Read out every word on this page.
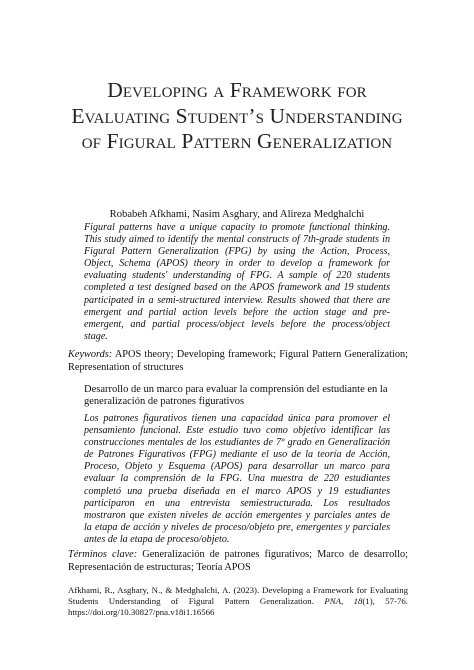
Developing a Framework for
Evaluating Student’s Understanding
of Figural Pattern Generalization
Robabeh Afkhami, Nasim Asghary, and Alireza Medghalchi
Figural patterns have a unique capacity to promote functional thinking.
This study aimed to identify the mental constructs of 7th-grade students in
Figural Pattern Generalization (FPG) by using the Action, Process,
Object, Schema (APOS) theory in order to develop a framework for
evaluating students' understanding of FPG. A sample of 220 students
completed a test designed based on the APOS framework and 19 students
participated in a semi-structured interview. Results showed that there are
emergent and partial action levels before the action stage and pre-
emergent, and partial process/object levels before the process/object
stage.
Keywords: APOS theory; Developing framework; Figural Pattern Generalization;
Representation of structures
Desarrollo de un marco para evaluar la comprensión del estudiante en la
generalización de patrones figurativos
Los patrones figurativos tienen una capacidad única para promover el
pensamiento funcional. Este estudio tuvo como objetivo identificar las
construcciones mentales de los estudiantes de 7º grado en Generalización
de Patrones Figurativos (FPG) mediante el uso de la teoría de Acción,
Proceso, Objeto y Esquema (APOS) para desarrollar un marco para
evaluar la comprensión de la FPG. Una muestra de 220 estudiantes
completó una prueba diseñada en el marco APOS y 19 estudiantes
participaron en una entrevista semiestructurada. Los resultados
mostraron que existen niveles de acción emergentes y parciales antes de
la etapa de acción y niveles de proceso/objeto pre, emergentes y parciales
antes de la etapa de proceso/objeto.
Términos clave: Generalización de patrones figurativos; Marco de desarrollo;
Representación de estructuras; Teoría APOS
Afkhami, R., Asghary, N., & Medghalchi, A. (2023). Developing a Framework for Evaluating
Students Understanding of Figural Pattern Generalization. PNA, 18(1), 57-76.
https://doi.org/10.30827/pna.v18i1.16566
